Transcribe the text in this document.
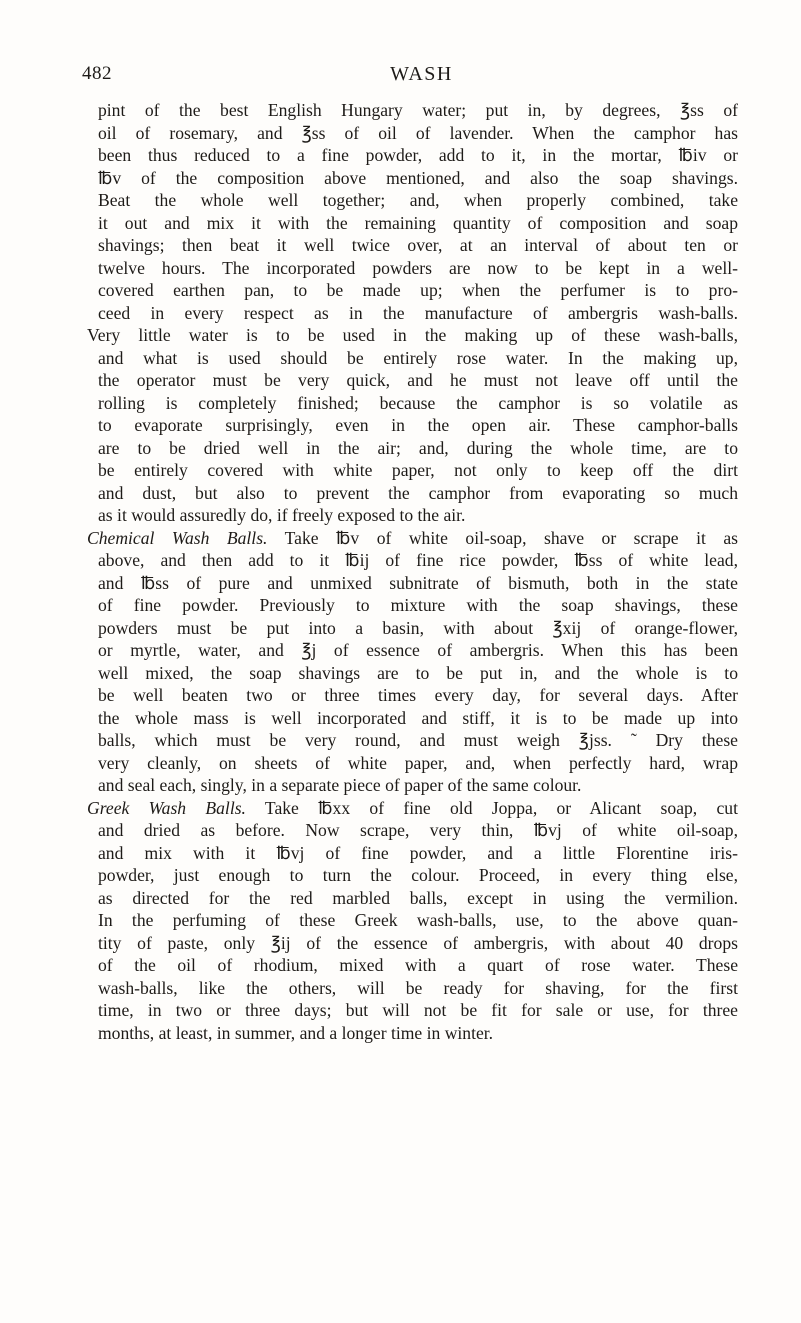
482	WASH
pint of the best English Hungary water; put in, by degrees, ℥ss of
oil of rosemary, and ℥ss of oil of lavender. When the camphor has
been thus reduced to a fine powder, add to it, in the mortar, ℔iv or
℔v of the composition above mentioned, and also the soap shavings.
Beat the whole well together; and, when properly combined, take
it out and mix it with the remaining quantity of composition and soap
shavings; then beat it well twice over, at an interval of about ten or
twelve hours. The incorporated powders are now to be kept in a well-
covered earthen pan, to be made up; when the perfumer is to pro-
ceed in every respect as in the manufacture of ambergris wash-balls.
Very little water is to be used in the making up of these wash-balls,
and what is used should be entirely rose water. In the making up,
the operator must be very quick, and he must not leave off until the
rolling is completely finished; because the camphor is so volatile as
to evaporate surprisingly, even in the open air. These camphor-balls
are to be dried well in the air; and, during the whole time, are to
be entirely covered with white paper, not only to keep off the dirt
and dust, but also to prevent the camphor from evaporating so much
as it would assuredly do, if freely exposed to the air.
Chemical Wash Balls. Take ℔v of white oil-soap, shave or scrape it as
above, and then add to it ℔ij of fine rice powder, ℔ss of white lead,
and ℔ss of pure and unmixed subnitrate of bismuth, both in the state
of fine powder. Previously to mixture with the soap shavings, these
powders must be put into a basin, with about ℥xij of orange-flower,
or myrtle, water, and ℥j of essence of ambergris. When this has been
well mixed, the soap shavings are to be put in, and the whole is to
be well beaten two or three times every day, for several days. After
the whole mass is well incorporated and stiff, it is to be made up into
balls, which must be very round, and must weigh ℥jss. ˜ Dry these
very cleanly, on sheets of white paper, and, when perfectly hard, wrap
and seal each, singly, in a separate piece of paper of the same colour.
Greek Wash Balls. Take ℔xx of fine old Joppa, or Alicant soap, cut
and dried as before. Now scrape, very thin, ℔vj of white oil-soap,
and mix with it ℔vj of fine powder, and a little Florentine iris-
powder, just enough to turn the colour. Proceed, in every thing else,
as directed for the red marbled balls, except in using the vermilion.
In the perfuming of these Greek wash-balls, use, to the above quan-
tity of paste, only ℥ij of the essence of ambergris, with about 40 drops
of the oil of rhodium, mixed with a quart of rose water. These
wash-balls, like the others, will be ready for shaving, for the first
time, in two or three days; but will not be fit for sale or use, for three
months, at least, in summer, and a longer time in winter.
